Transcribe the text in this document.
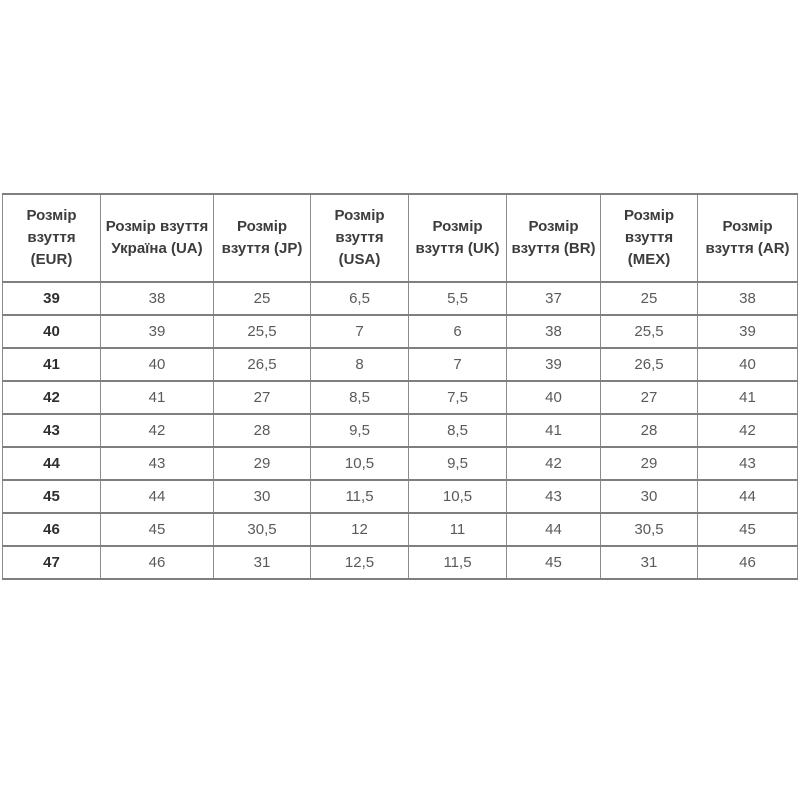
Розмір взуття (EUR)	Розмір взуття Україна (UA)	Розмір взуття (JP)	Розмір взуття (USA)	Розмір взуття (UK)	Розмір взуття (BR)	Розмір взуття (MEX)	Розмір взуття (AR)
39	38	25	6,5	5,5	37	25	38
40	39	25,5	7	6	38	25,5	39
41	40	26,5	8	7	39	26,5	40
42	41	27	8,5	7,5	40	27	41
43	42	28	9,5	8,5	41	28	42
44	43	29	10,5	9,5	42	29	43
45	44	30	11,5	10,5	43	30	44
46	45	30,5	12	11	44	30,5	45
47	46	31	12,5	11,5	45	31	46
